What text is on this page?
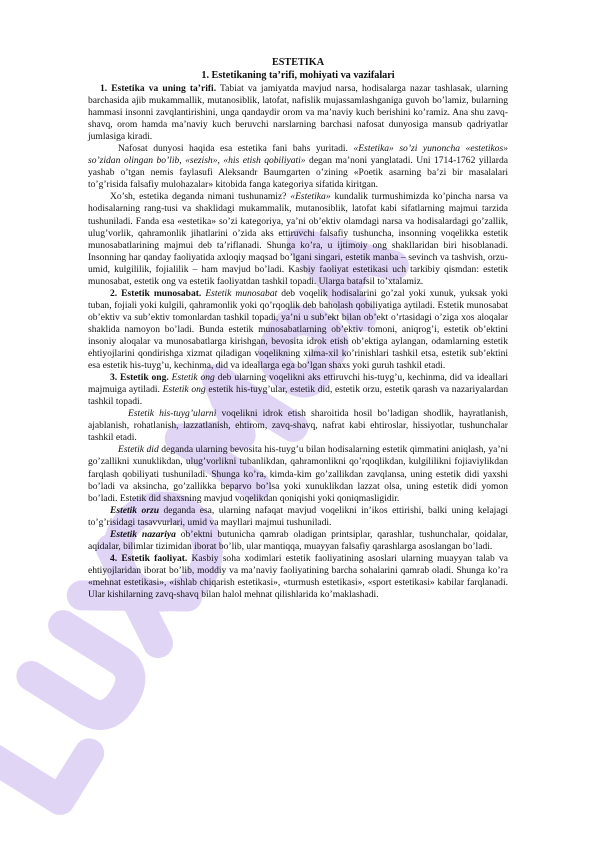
ESTETIKA
1. Estetikaning ta’rifi, mohiyati va vazifalari

1. Estetika va uning ta’rifi. Tabiat va jamiyatda mavjud narsa, hodisalarga nazar tashlasak, ularning barchasida ajib mukammallik, mutanosiblik, latofat, nafislik mujassamlashganiga guvoh bo’lamiz, bularning hammasi insonni zavqlantirishini, unga qandaydir orom va ma’naviy kuch berishini ko’ramiz. Ana shu zavq-shavq, orom hamda ma’naviy kuch beruvchi narslarning barchasi nafosat dunyosiga mansub qadriyatlar jumlasiga kiradi.

Nafosat dunyosi haqida esa estetika fani bahs yuritadi. «Estetika» so’zi yunoncha «estetikos» so’zidan olingan bo’lib, «sezish», «his etish qobiliyati» degan ma’noni yanglatadi. Uni 1714-1762 yillarda yashab o’tgan nemis faylasufi Aleksandr Baumgarten o’zining «Poetik asarning ba’zi bir masalalari to’g’risida falsafiy mulohazalar» kitobida fanga kategoriya sifatida kiritgan.

Xo’sh, estetika deganda nimani tushunamiz? «Estetika» kundalik turmushimizda ko’pincha narsa va hodisalarning rang-tusi va shaklidagi mukammalik, mutanosiblik, latofat kabi sifatlarning majmui tarzida tushuniladi. Fanda esa «estetika» so’zi kategoriya, ya’ni ob’ektiv olamdagi narsa va hodisalardagi go’zallik, ulug’vorlik, qahramonlik jihatlarini o’zida aks ettiruvchi falsafiy tushuncha, insonning voqelikka estetik munosabatlarining majmui deb ta’riflanadi. Shunga ko’ra, u ijtimoiy ong shakllaridan biri hisoblanadi. Insonning har qanday faoliyatida axloqiy maqsad bo’lgani singari, estetik manba – sevinch va tashvish, orzu-umid, kulgililik, fojialilik – ham mavjud bo’ladi. Kasbiy faoliyat estetikasi uch tarkibiy qismdan: estetik munosabat, estetik ong va estetik faoliyatdan tashkil topadi. Ularga batafsil to’xtalamiz.

2. Estetik munosabat. Estetik munosabat deb voqelik hodisalarini go’zal yoki xunuk, yuksak yoki tuban, fojiali yoki kulgili, qahramonlik yoki qo’rqoqlik deb baholash qobiliyatiga aytiladi. Estetik munosabat ob’ektiv va sub’ektiv tomonlardan tashkil topadi, ya’ni u sub’ekt bilan ob’ekt o’rtasidagi o’ziga xos aloqalar shaklida namoyon bo’ladi. Bunda estetik munosabatlarning ob’ektiv tomoni, aniqrog’i, estetik ob’ektini insoniy aloqalar va munosabatlarga kirishgan, bevosita idrok etish ob’ektiga aylangan, odamlarning estetik ehtiyojlarini qondirishga xizmat qiladigan voqelikning xilma-xil ko’rinishlari tashkil etsa, estetik sub’ektini esa estetik his-tuyg’u, kechinma, did va ideallarga ega bo’lgan shaxs yoki guruh tashkil etadi.

3. Estetik ong. Estetik ong deb ularning voqelikni aks ettiruvchi his-tuyg’u, kechinma, did va ideallari majmuiga aytiladi. Estetik ong estetik his-tuyg’ular, estetik did, estetik orzu, estetik qarash va nazariyalardan tashkil topadi.

Estetik his-tuyg’ularni voqelikni idrok etish sharoitida hosil bo’ladigan shodlik, hayratlanish, ajablanish, rohatlanish, lazzatlanish, ehtirom, zavq-shavq, nafrat kabi ehtiroslar, hissiyotlar, tushunchalar tashkil etadi.

Estetik did deganda ularning bevosita his-tuyg’u bilan hodisalarning estetik qimmatini aniqlash, ya’ni go’zallikni xunuklikdan, ulug’vorlikni tubanlikdan, qahramonlikni qo’rqoqlikdan, kulgililikni fojiaviylikdan farqlash qobiliyati tushuniladi. Shunga ko’ra, kimda-kim go’zallikdan zavqlansa, uning estetik didi yaxshi bo’ladi va aksincha, go’zallikka beparvo bo’lsa yoki xunuklikdan lazzat olsa, uning estetik didi yomon bo’ladi. Estetik did shaxsning mavjud voqelikdan qoniqishi yoki qoniqmasligidir.

Estetik orzu deganda esa, ularning nafaqat mavjud voqelikni in’ikos ettirishi, balki uning kelajagi to’g’risidagi tasavvurlari, umid va mayllari majmui tushuniladi.

Estetik nazariya ob’ektni butunicha qamrab oladigan printsiplar, qarashlar, tushunchalar, qoidalar, aqidalar, bilimlar tizimidan iborat bo’lib, ular mantiqqa, muayyan falsafiy qarashlarga asoslangan bo’ladi.

4. Estetik faoliyat. Kasbiy soha xodimlari estetik faoliyatining asoslari ularning muayyan talab va ehtiyojlaridan iborat bo’lib, moddiy va ma’naviy faoliyatining barcha sohalarini qamrab oladi. Shunga ko’ra «mehnat estetikasi», «ishlab chiqarish estetikasi», «turmush estetikasi», «sport estetikasi» kabilar farqlanadi. Ular kishilarning zavq-shavq bilan halol mehnat qilishlarida ko’maklashadi.
